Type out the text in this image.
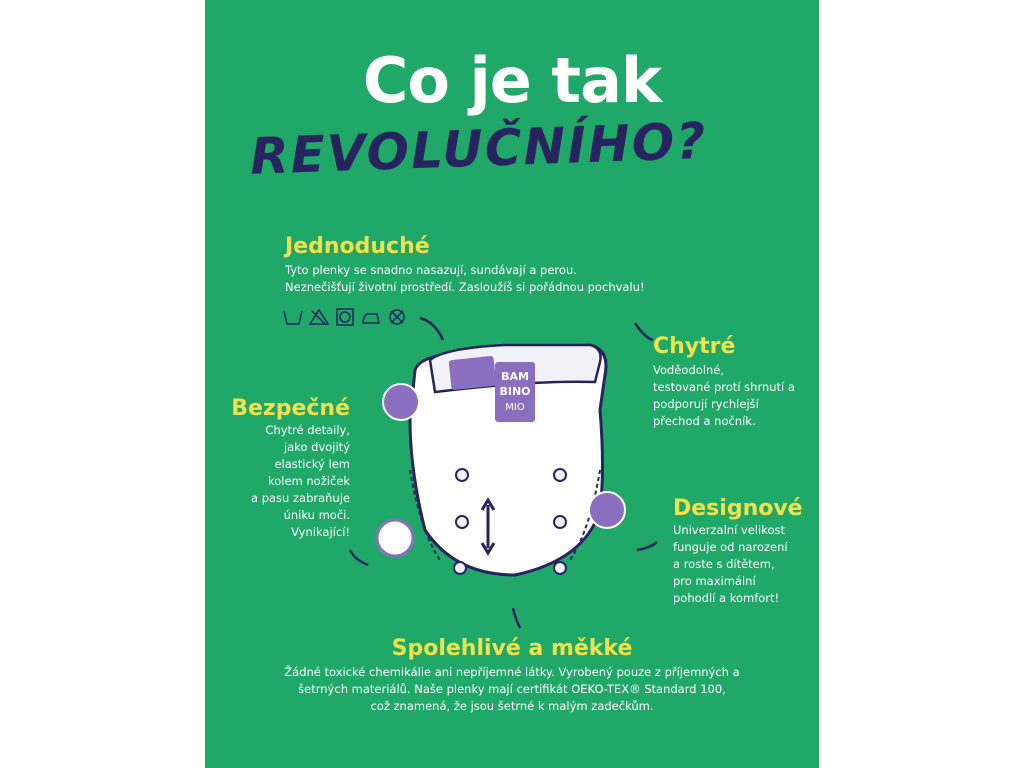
Co je tak
REVOLUČNÍHO?
BAM
BINO
MIO
Jednoduché
Tyto plenky se snadno nasazují, sundávají a perou.
Neznečišťují životní prostředí. Zasloužíš si pořádnou pochvalu!
Chytré
Voděodolné,
testované protí shrnutí a
podporují rychlejší
přechod a nočník.
Bezpečné
Chytré detaily,
jako dvojitý
elastický lem
kolem nožiček
a pasu zabraňuje
úniku moči.
Vynikající!
Designové
Univerzalní velikost
funguje od narození
a roste s dítětem,
pro maximální
pohodlí a komfort!
Spolehlivé a měkké
Žádné toxické chemikálie ani nepříjemné látky. Vyrobený pouze z příjemných a
šetrných materiálů. Naše plenky mají certifikát OEKO-TEX® Standard 100,
což znamená, že jsou šetrné k malým zadečkům.
